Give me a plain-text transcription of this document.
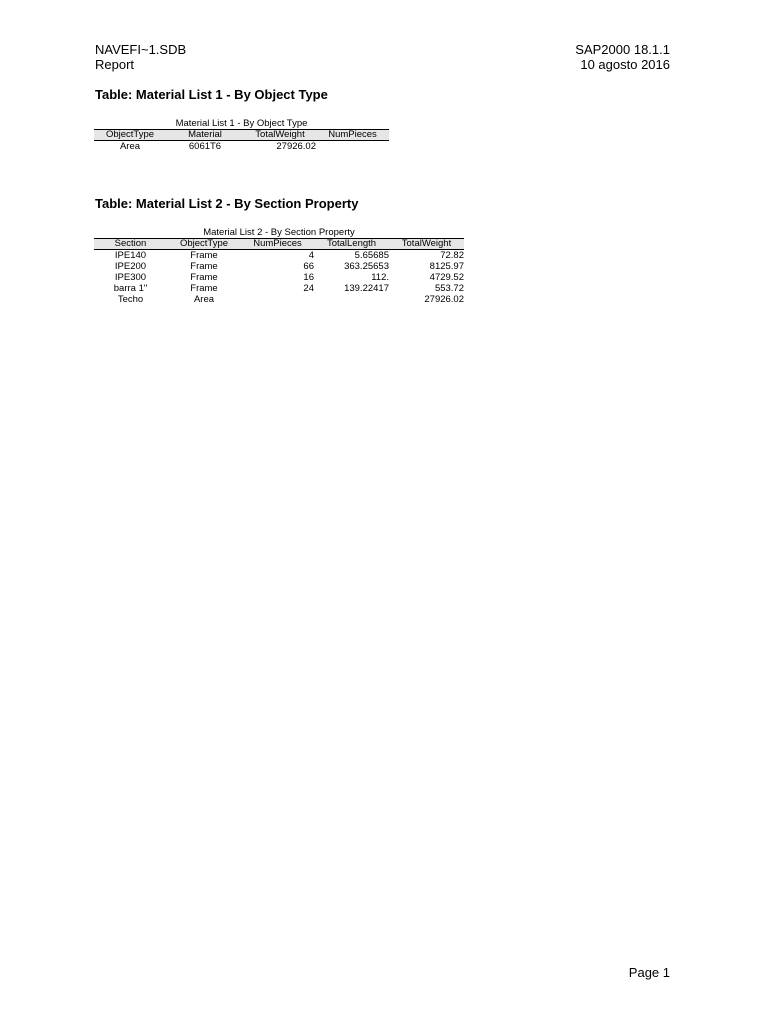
NAVEFI~1.SDB
Report
SAP2000 18.1.1
10 agosto 2016
Table: Material List 1 - By Object Type
Material List 1 - By Object Type
ObjectType	Material	TotalWeight	NumPieces
Area	6061T6	27926.02	
Table: Material List 2 - By Section Property
Material List 2 - By Section Property
Section	ObjectType	NumPieces	TotalLength	TotalWeight
IPE140	Frame	4	5.65685	72.82
IPE200	Frame	66	363.25653	8125.97
IPE300	Frame	16	112.	4729.52
barra 1"	Frame	24	139.22417	553.72
Techo	Area			27926.02
Page 1
